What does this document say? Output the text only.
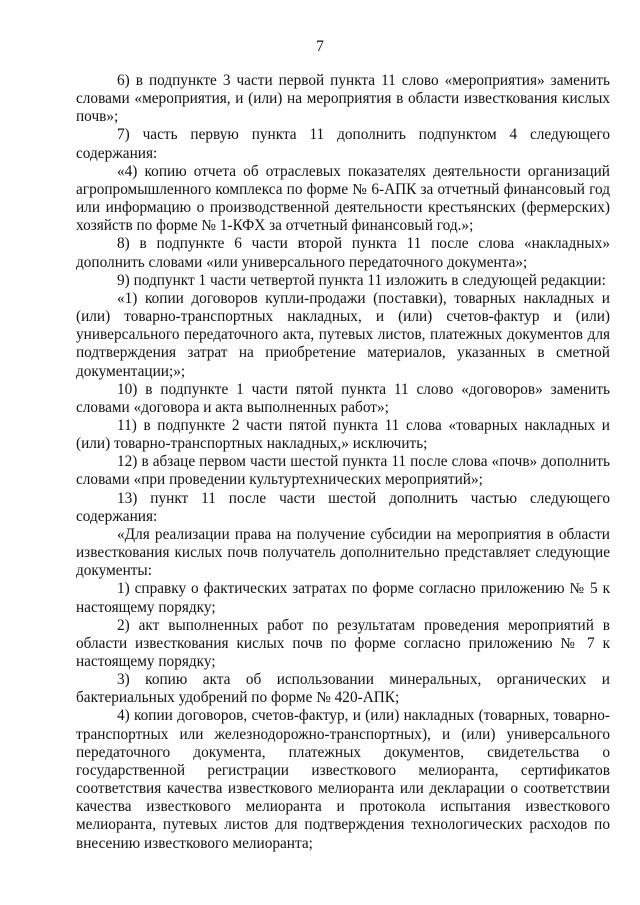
7

6) в подпункте 3 части первой пункта 11 слово «мероприятия» заменить словами «мероприятия, и (или) на мероприятия в области известкования кислых почв»;

7) часть первую пункта 11 дополнить подпунктом 4 следующего содержания:

«4) копию отчета об отраслевых показателях деятельности организаций агропромышленного комплекса по форме № 6-АПК за отчетный финансовый год или информацию о производственной деятельности крестьянских (фермерских) хозяйств по форме № 1-КФХ за отчетный финансовый год.»;

8) в подпункте 6 части второй пункта 11 после слова «накладных» дополнить словами «или универсального передаточного документа»;

9) подпункт 1 части четвертой пункта 11 изложить в следующей редакции:

«1) копии договоров купли-продажи (поставки), товарных накладных и (или) товарно-транспортных накладных, и (или) счетов-фактур и (или) универсального передаточного акта, путевых листов, платежных документов для подтверждения затрат на приобретение материалов, указанных в сметной документации;»;

10) в подпункте 1 части пятой пункта 11 слово «договоров» заменить словами «договора и акта выполненных работ»;

11) в подпункте 2 части пятой пункта 11 слова «товарных накладных и (или) товарно-транспортных накладных,» исключить;

12) в абзаце первом части шестой пункта 11 после слова «почв» дополнить словами «при проведении культуртехнических мероприятий»;

13) пункт 11 после части шестой дополнить частью следующего содержания:

«Для реализации права на получение субсидии на мероприятия в области известкования кислых почв получатель дополнительно представляет следующие документы:

1) справку о фактических затратах по форме согласно приложению № 5 к настоящему порядку;

2) акт выполненных работ по результатам проведения мероприятий в области известкования кислых почв по форме согласно приложению № 7 к настоящему порядку;

3) копию акта об использовании минеральных, органических и бактериальных удобрений по форме № 420-АПК;

4) копии договоров, счетов-фактур, и (или) накладных (товарных, товарно-транспортных или железнодорожно-транспортных), и (или) универсального передаточного документа, платежных документов, свидетельства о государственной регистрации известкового мелиоранта, сертификатов соответствия качества известкового мелиоранта или декларации о соответствии качества известкового мелиоранта и протокола испытания известкового мелиоранта, путевых листов для подтверждения технологических расходов по внесению известкового мелиоранта;
